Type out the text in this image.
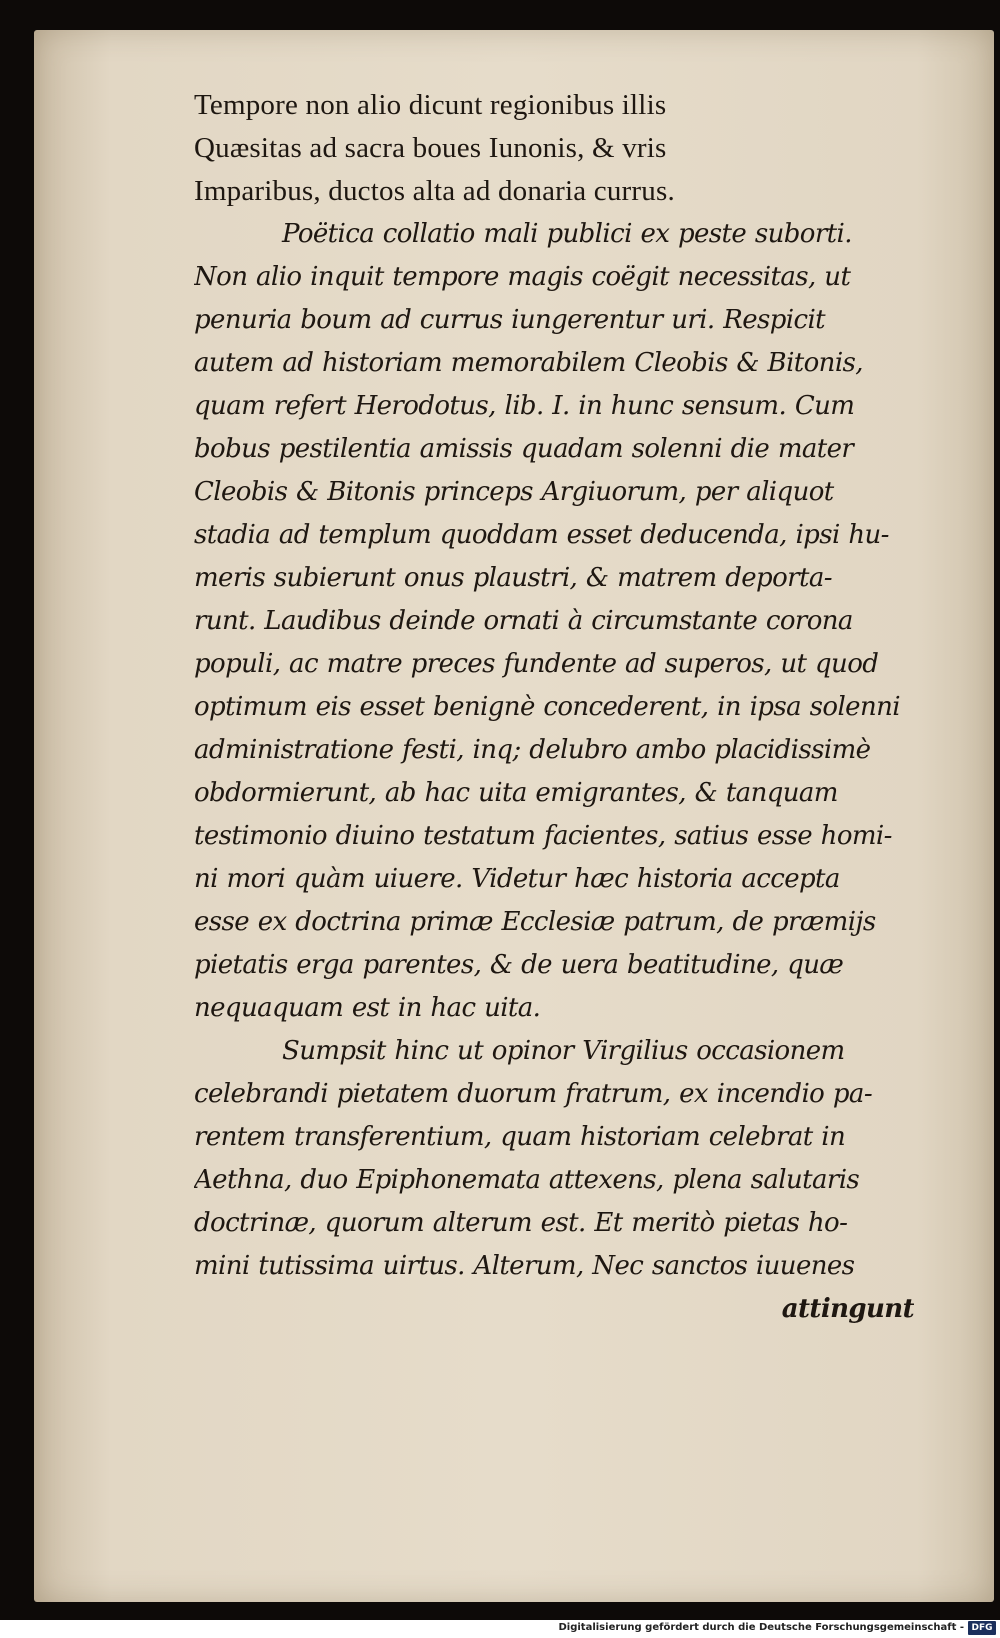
Tempore non alio dicunt regionibus illis
Quæsitas ad sacra boues Iunonis, & vris
Imparibus, ductos alta ad donaria currus.
Poëtica collatio mali publici ex peste suborti.
Non alio inquit tempore magis coëgit necessitas, ut
penuria boum ad currus iungerentur uri. Respicit
autem ad historiam memorabilem Cleobis & Bitonis,
quam refert Herodotus, lib. I. in hunc sensum. Cum
bobus pestilentia amissis quadam solenni die mater
Cleobis & Bitonis princeps Argiuorum, per aliquot
stadia ad templum quoddam esset deducenda, ipsi hu-
meris subierunt onus plaustri, & matrem deporta-
runt. Laudibus deinde ornati à circumstante corona
populi, ac matre preces fundente ad superos, ut quod
optimum eis esset benignè concederent, in ipsa solenni
administratione festi, inq; delubro ambo placidissimè
obdormierunt, ab hac uita emigrantes, & tanquam
testimonio diuino testatum facientes, satius esse homi-
ni mori quàm uiuere. Videtur hæc historia accepta
esse ex doctrina primæ Ecclesiæ patrum, de præmijs
pietatis erga parentes, & de uera beatitudine, quæ
nequaquam est in hac uita.
Sumpsit hinc ut opinor Virgilius occasionem
celebrandi pietatem duorum fratrum, ex incendio pa-
rentem transferentium, quam historiam celebrat in
Aethna, duo Epiphonemata attexens, plena salutaris
doctrinæ, quorum alterum est. Et meritò pietas ho-
mini tutissima uirtus. Alterum, Nec sanctos iuuenes
attingunt
Digitalisierung gefördert durch die Deutsche Forschungsgemeinschaft - DFG
